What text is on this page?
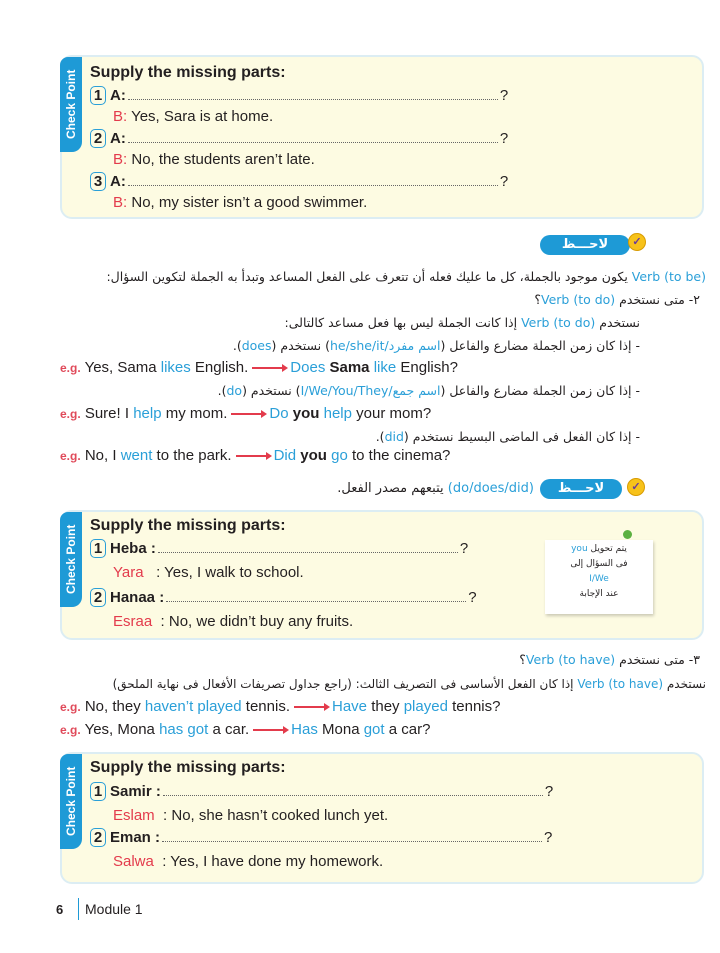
Check Point Supply the missing parts:
لاحـــظ	✓
Verb (to be) يكون موجود بالجملة، كل ما عليك فعله أن تتعرف على الفعل المساعد وتبدأ به الجملة لتكوين السؤال:
٢- متى نستخدم Verb (to do)؟
نستخدم Verb (to do) إذا كانت الجملة ليس بها فعل مساعد كالتالى:
- إذا كان زمن الجملة مضارع والفاعل (اسم مفرد/he/she/it) نستخدم (does).
e.g. Yes, Sama likes English.	Does Sama like English?
- إذا كان زمن الجملة مضارع والفاعل (اسم جمع/I/We/You/They) نستخدم (do).
e.g. Sure! I help my mom.	Do you help your mom?
- إذا كان الفعل فى الماضى البسيط نستخدم (did).
e.g. No, I went to the park.	Did you go to the cinema?
لاحـــظ	✓
(do/does/did) يتبعهم مصدر الفعل.
Check Point Supply the missing parts:
يتم تحويل you
فى السؤال إلى
I/We
عند الإجابة
٣- متى نستخدم Verb (to have)؟
نستخدم Verb (to have) إذا كان الفعل الأساسى فى التصريف الثالث: (راجع جداول تصريفات الأفعال فى نهاية الملحق)
e.g. No, they haven’t played tennis.	Have they played tennis?
e.g. Yes, Mona has got a car.	Has Mona got a car?
Check Point Supply the missing parts:
6	Module 1
1 A:	?
B: Yes, Sara is at home.
2 A:	?
B: No, the students aren’t late.
3 A:	?
B: No, my sister isn’t a good swimmer.
1 Heba :	?
Yara   : Yes, I walk to school.
2 Hanaa :	?
Esraa  : No, we didn’t buy any fruits.
1 Samir :	?
Eslam  : No, she hasn’t cooked lunch yet.
2 Eman :	?
Salwa  : Yes, I have done my homework.
